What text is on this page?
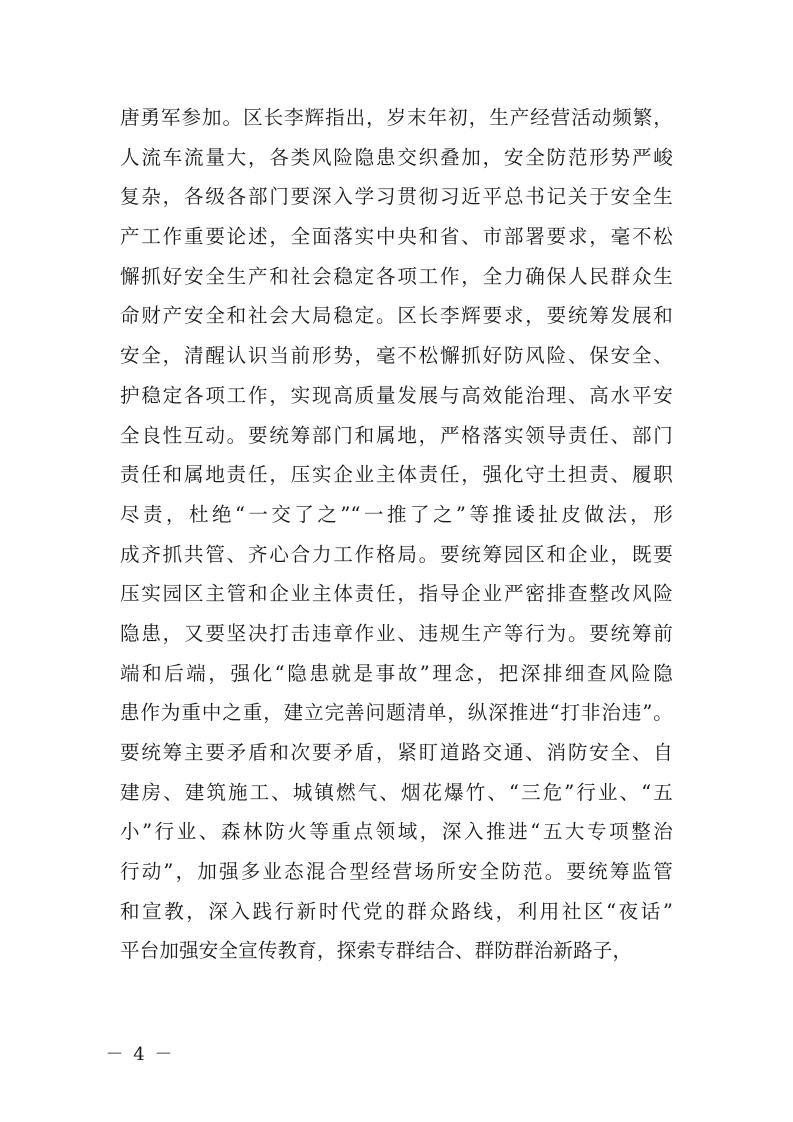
唐勇军参加。区长李辉指出，岁末年初，生产经营活动频繁，
人流车流量大，各类风险隐患交织叠加，安全防范形势严峻
复杂，各级各部门要深入学习贯彻习近平总书记关于安全生
产工作重要论述，全面落实中央和省、市部署要求，毫不松
懈抓好安全生产和社会稳定各项工作，全力确保人民群众生
命财产安全和社会大局稳定。区长李辉要求，要统筹发展和
安全，清醒认识当前形势，毫不松懈抓好防风险、保安全、
护稳定各项工作，实现高质量发展与高效能治理、高水平安
全良性互动。要统筹部门和属地，严格落实领导责任、部门
责任和属地责任，压实企业主体责任，强化守土担责、履职
尽责，杜绝“一交了之”“一推了之”等推诿扯皮做法，形
成齐抓共管、齐心合力工作格局。要统筹园区和企业，既要
压实园区主管和企业主体责任，指导企业严密排查整改风险
隐患，又要坚决打击违章作业、违规生产等行为。要统筹前
端和后端，强化“隐患就是事故”理念，把深排细查风险隐
患作为重中之重，建立完善问题清单，纵深推进“打非治违”。
要统筹主要矛盾和次要矛盾，紧盯道路交通、消防安全、自
建房、建筑施工、城镇燃气、烟花爆竹、“三危”行业、“五
小”行业、森林防火等重点领域，深入推进“五大专项整治
行动”，加强多业态混合型经营场所安全防范。要统筹监管
和宣教，深入践行新时代党的群众路线，利用社区“夜话”
平台加强安全宣传教育，探索专群结合、群防群治新路子，
－ 4 －
